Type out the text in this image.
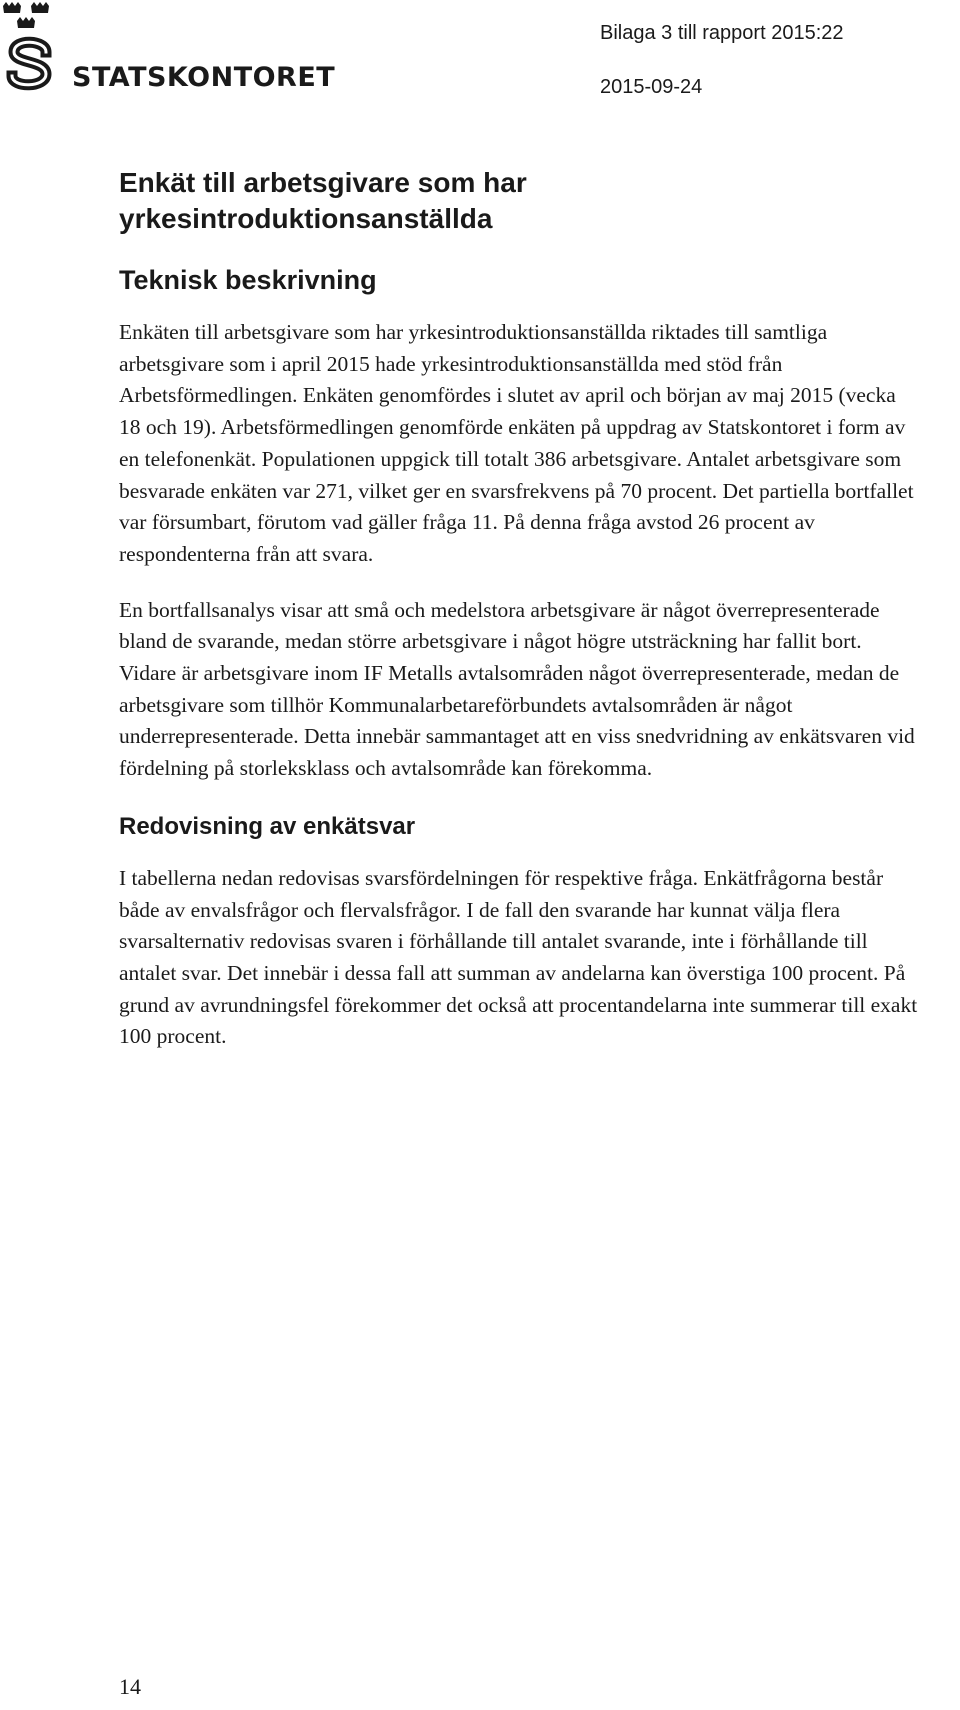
STATSKONTORET
Bilaga 3 till rapport 2015:22
2015-09-24
Enkät till arbetsgivare som har yrkesintroduktionsanställda
Teknisk beskrivning

Enkäten till arbetsgivare som har yrkesintroduktionsanställda riktades till samtliga arbetsgivare som i april 2015 hade yrkesintroduktionsanställda med stöd från Arbetsförmedlingen. Enkäten genomfördes i slutet av april och början av maj 2015 (vecka 18 och 19). Arbetsförmedlingen genomförde enkäten på uppdrag av Statskontoret i form av en telefonenkät. Populationen uppgick till totalt 386 arbetsgivare. Antalet arbetsgivare som besvarade enkäten var 271, vilket ger en svarsfrekvens på 70 procent. Det partiella bortfallet var försumbart, förutom vad gäller fråga 11. På denna fråga avstod 26 procent av respondenterna från att svara.

En bortfallsanalys visar att små och medelstora arbetsgivare är något överrepresenterade bland de svarande, medan större arbetsgivare i något högre utsträckning har fallit bort. Vidare är arbetsgivare inom IF Metalls avtalsområden något överrepresenterade, medan de arbetsgivare som tillhör Kommunalarbetareförbundets avtalsområden är något underrepresenterade. Detta innebär sammantaget att en viss snedvridning av enkätsvaren vid fördelning på storleksklass och avtalsområde kan förekomma.

Redovisning av enkätsvar

I tabellerna nedan redovisas svarsfördelningen för respektive fråga. Enkätfrågorna består både av envalsfrågor och flervalsfrågor. I de fall den svarande har kunnat välja flera svarsalternativ redovisas svaren i förhållande till antalet svarande, inte i förhållande till antalet svar. Det innebär i dessa fall att summan av andelarna kan överstiga 100 procent. På grund av avrundningsfel förekommer det också att procentandelarna inte summerar till exakt 100 procent.

14
